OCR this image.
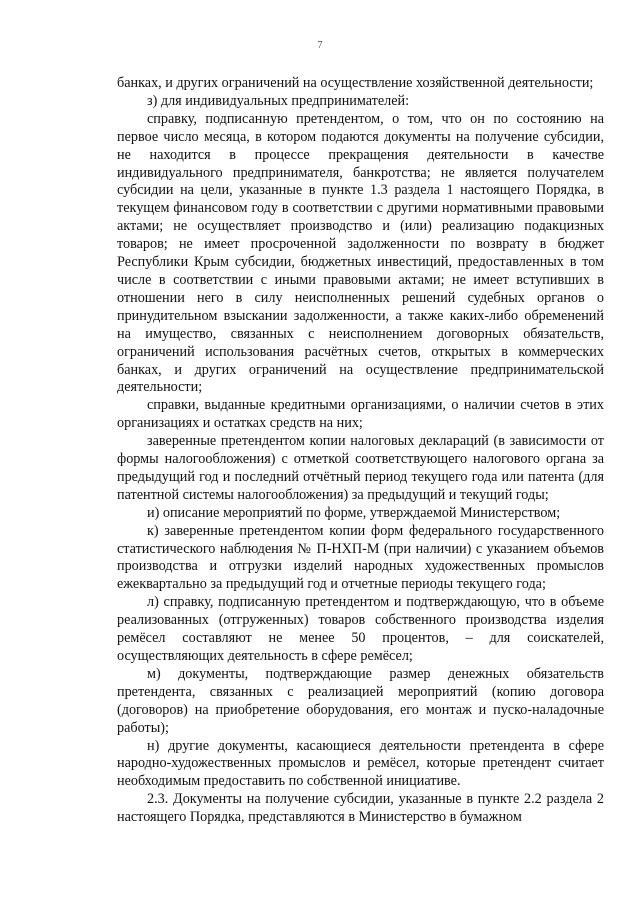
7

банках, и других ограничений на осуществление хозяйственной деятельности;

з) для индивидуальных предпринимателей:

справку, подписанную претендентом, о том, что он по состоянию на первое число месяца, в котором подаются документы на получение субсидии, не находится в процессе прекращения деятельности в качестве индивидуального предпринимателя, банкротства; не является получателем субсидии на цели, указанные в пункте 1.3 раздела 1 настоящего Порядка, в текущем финансовом году в соответствии с другими нормативными правовыми актами; не осуществляет производство и (или) реализацию подакцизных товаров; не имеет просроченной задолженности по возврату в бюджет Республики Крым субсидии, бюджетных инвестиций, предоставленных в том числе в соответствии с иными правовыми актами; не имеет вступивших в отношении него в силу неисполненных решений судебных органов о принудительном взыскании задолженности, а также каких-либо обременений на имущество, связанных с неисполнением договорных обязательств, ограничений использования расчётных счетов, открытых в коммерческих банках, и других ограничений на осуществление предпринимательской деятельности;

справки, выданные кредитными организациями, о наличии счетов в этих организациях и остатках средств на них;

заверенные претендентом копии налоговых деклараций (в зависимости от формы налогообложения) с отметкой соответствующего налогового органа за предыдущий год и последний отчётный период текущего года или патента (для патентной системы налогообложения) за предыдущий и текущий годы;

и) описание мероприятий по форме, утверждаемой Министерством;

к) заверенные претендентом копии форм федерального государственного статистического наблюдения № П-НХП-М (при наличии) с указанием объемов производства и отгрузки изделий народных художественных промыслов ежеквартально за предыдущий год и отчетные периоды текущего года;

л) справку, подписанную претендентом и подтверждающую, что в объеме реализованных (отгруженных) товаров собственного производства изделия ремёсел составляют не менее 50 процентов, – для соискателей, осуществляющих деятельность в сфере ремёсел;

м) документы, подтверждающие размер денежных обязательств претендента, связанных с реализацией мероприятий (копию договора (договоров) на приобретение оборудования, его монтаж и пуско-наладочные работы);

н) другие документы, касающиеся деятельности претендента в сфере народно-художественных промыслов и ремёсел, которые претендент считает необходимым предоставить по собственной инициативе.

2.3. Документы на получение субсидии, указанные в пункте 2.2 раздела 2 настоящего Порядка, представляются в Министерство в бумажном
